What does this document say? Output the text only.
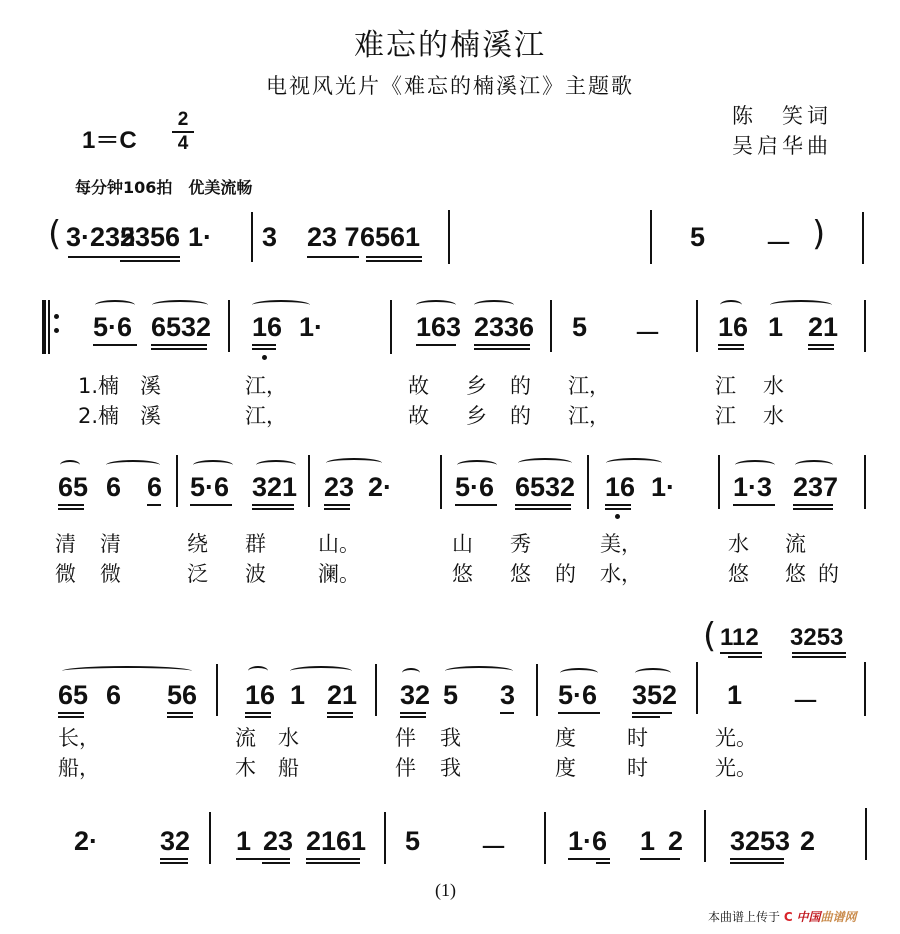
难忘的楠溪江
电视风光片《难忘的楠溪江》主题歌
陈　笑词
吴启华曲
1＝C
2
4
每分钟106拍　优美流畅
( 3·235
2356 1· 3 23 7 6561	5 － )
5·6 6532 16 1·	163 2336 5 － 16 1 21
1.楠 溪	江，	故 乡 的 江，	江 水
2.楠 溪	江，	故 乡 的 江，	江 水
65 6 6 5·6 321 23 2· 5·6 6532 16 1· 1·3 237
清 清	绕 群 山。	山 秀	美，	水 流
微 微	泛 波 澜。	悠 悠 的 水，	悠 悠 的
( 112 3253
65 6 56 16 1 21 32 5 3 5·6 352 1 －
长，	流 水	伴 我	度 时	光。
船，	木 船	伴 我	度 时	光。
2· 32 1 23 2161 5 － 1·6 1 2 3253 2
(1)
本曲谱上传于 C 中国曲谱网
